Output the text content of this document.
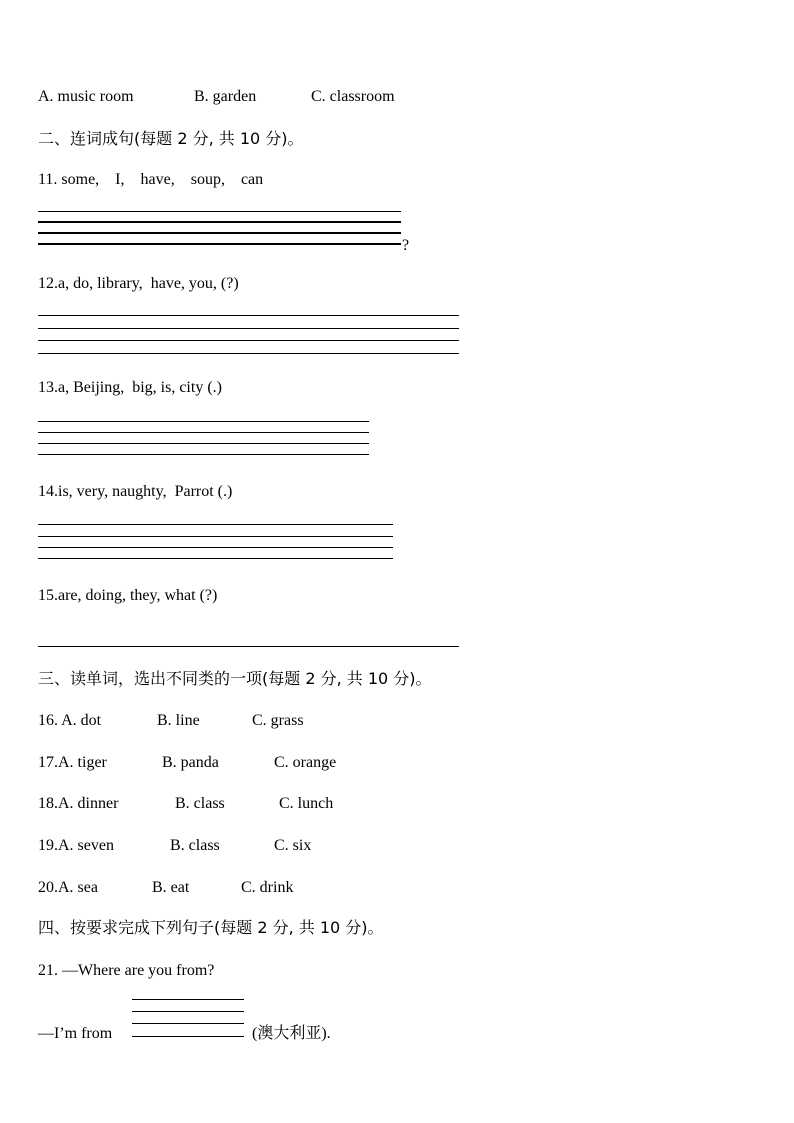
A. music room	B. garden	C. classroom
二、连词成句(每题 2 分, 共 10 分)。
11. some,    I,    have,    soup,    can
?
12.a, do, library,  have, you, (?)
13.a, Beijing,  big, is, city (.)
14.is, very, naughty,  Parrot (.)
15.are, doing, they, what (?)
三、读单词，选出不同类的一项(每题 2 分, 共 10 分)。
16. A. dot	B. line	C. grass
17.A. tiger	B. panda	C. orange
18.A. dinner	B. class	C. lunch
19.A. seven	B. class	C. six
20.A. sea	B. eat	C. drink
四、按要求完成下列句子(每题 2 分, 共 10 分)。
21. —Where are you from?
—I’m from	(澳大利亚).
